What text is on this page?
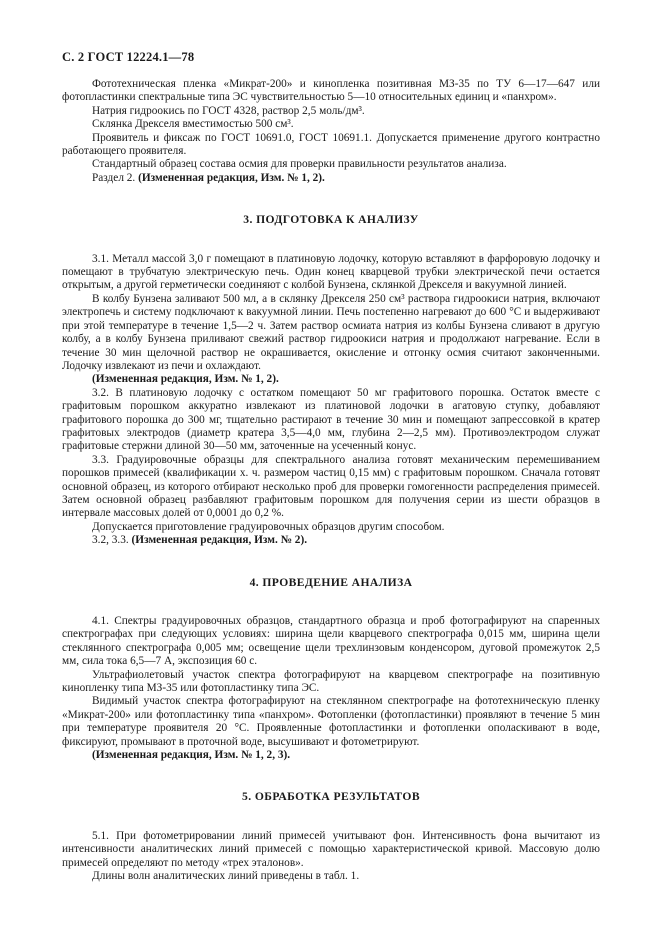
С. 2 ГОСТ 12224.1—78

Фототехническая пленка «Микрат-200» и кинопленка позитивная МЗ-35 по ТУ 6—17—647 или фотопластинки спектральные типа ЭС чувствительностью 5—10 относительных единиц и «панхром».

Натрия гидроокись по ГОСТ 4328, раствор 2,5 моль/дм³.

Склянка Дрекселя вместимостью 500 см³.

Проявитель и фиксаж по ГОСТ 10691.0, ГОСТ 10691.1. Допускается применение другого контрастно работающего проявителя.

Стандартный образец состава осмия для проверки правильности результатов анализа.

Раздел 2. (Измененная редакция, Изм. № 1, 2).

3. ПОДГОТОВКА К АНАЛИЗУ

3.1. Металл массой 3,0 г помещают в платиновую лодочку, которую вставляют в фарфоровую лодочку и помещают в трубчатую электрическую печь. Один конец кварцевой трубки электрической печи остается открытым, а другой герметически соединяют с колбой Бунзена, склянкой Дрекселя и вакуумной линией.

В колбу Бунзена заливают 500 мл, а в склянку Дрекселя 250 см³ раствора гидроокиси натрия, включают электропечь и систему подключают к вакуумной линии. Печь постепенно нагревают до 600 °С и выдерживают при этой температуре в течение 1,5—2 ч. Затем раствор осмиата натрия из колбы Бунзена сливают в другую колбу, а в колбу Бунзена приливают свежий раствор гидроокиси натрия и продолжают нагревание. Если в течение 30 мин щелочной раствор не окрашивается, окисление и отгонку осмия считают законченными. Лодочку извлекают из печи и охлаждают.

(Измененная редакция, Изм. № 1, 2).

3.2. В платиновую лодочку с остатком помещают 50 мг графитового порошка. Остаток вместе с графитовым порошком аккуратно извлекают из платиновой лодочки в агатовую ступку, добавляют графитового порошка до 300 мг, тщательно растирают в течение 30 мин и помещают запрессовкой в кратер графитовых электродов (диаметр кратера 3,5—4,0 мм, глубина 2—2,5 мм). Противоэлектродом служат графитовые стержни длиной 30—50 мм, заточенные на усеченный конус.

3.3. Градуировочные образцы для спектрального анализа готовят механическим перемешиванием порошков примесей (квалификации х. ч. размером частиц 0,15 мм) с графитовым порошком. Сначала готовят основной образец, из которого отбирают несколько проб для проверки гомогенности распределения примесей. Затем основной образец разбавляют графитовым порошком для получения серии из шести образцов в интервале массовых долей от 0,0001 до 0,2 %.

Допускается приготовление градуировочных образцов другим способом.

3.2, 3.3. (Измененная редакция, Изм. № 2).

4. ПРОВЕДЕНИЕ АНАЛИЗА

4.1. Спектры градуировочных образцов, стандартного образца и проб фотографируют на спаренных спектрографах при следующих условиях: ширина щели кварцевого спектрографа 0,015 мм, ширина щели стеклянного спектрографа 0,005 мм; освещение щели трехлинзовым конденсором, дуговой промежуток 2,5 мм, сила тока 6,5—7 А, экспозиция 60 с.

Ультрафиолетовый участок спектра фотографируют на кварцевом спектрографе на позитивную кинопленку типа МЗ-35 или фотопластинку типа ЭС.

Видимый участок спектра фотографируют на стеклянном спектрографе на фототехническую пленку «Микрат-200» или фотопластинку типа «панхром». Фотопленки (фотопластинки) проявляют в течение 5 мин при температуре проявителя 20 °С. Проявленные фотопластинки и фотопленки ополаскивают в воде, фиксируют, промывают в проточной воде, высушивают и фотометрируют.

(Измененная редакция, Изм. № 1, 2, 3).

5. ОБРАБОТКА РЕЗУЛЬТАТОВ

5.1. При фотометрировании линий примесей учитывают фон. Интенсивность фона вычитают из интенсивности аналитических линий примесей с помощью характеристической кривой. Массовую долю примесей определяют по методу «трех эталонов».

Длины волн аналитических линий приведены в табл. 1.
